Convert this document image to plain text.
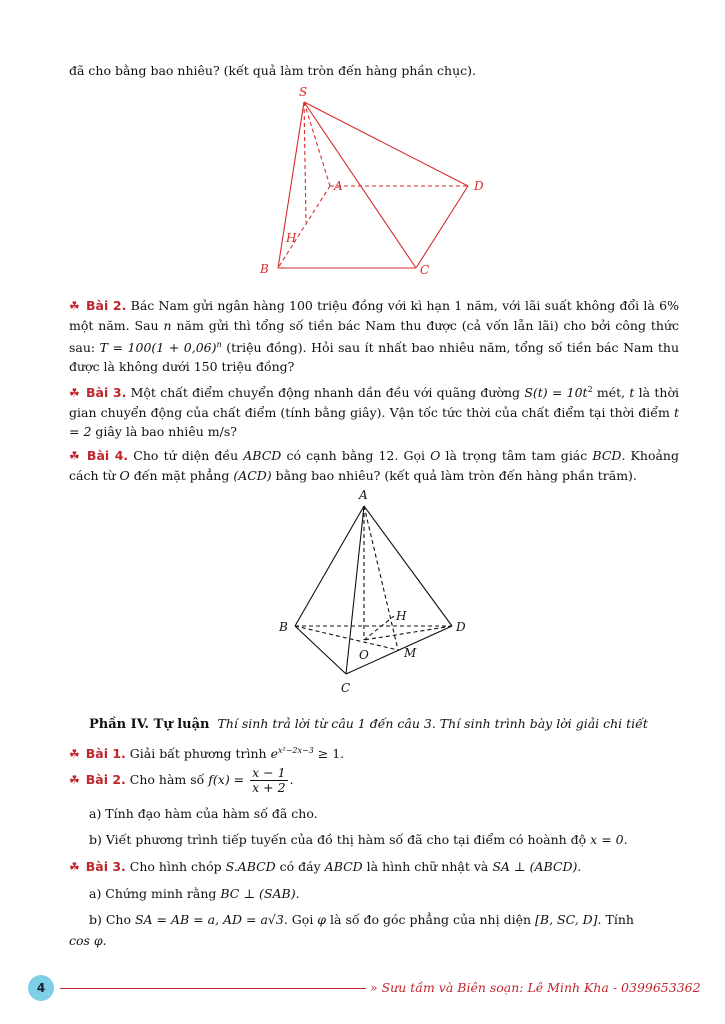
đã cho bằng bao nhiêu? (kết quả làm tròn đến hàng phần chục).

S
A	D
H
B	C

☘ Bài 2. Bác Nam gửi ngân hàng 100 triệu đồng với kì hạn 1 năm, với lãi suất không đổi là 6% một năm. Sau n năm gửi thì tổng số tiền bác Nam thu được (cả vốn lẫn lãi) cho bởi công thức sau: $T = 100(1 + 0,06)^n$ (triệu đồng). Hỏi sau ít nhất bao nhiêu năm, tổng số tiền bác Nam thu được là không dưới 150 triệu đồng?

☘ Bài 3. Một chất điểm chuyển động nhanh dần đều với quãng đường $S(t) = 10t^2$ mét, t là thời gian chuyển động của chất điểm (tính bằng giây). Vận tốc tức thời của chất điểm tại thời điểm t = 2 giây là bao nhiêu m/s?

☘ Bài 4. Cho tứ diện đều ABCD có cạnh bằng 12. Gọi O là trọng tâm tam giác BCD. Khoảng cách từ O đến mặt phẳng (ACD) bằng bao nhiêu? (kết quả làm tròn đến hàng phần trăm).

A
B	D
H
O	M
C

Phần IV. Tự luận Thí sinh trả lời từ câu 1 đến câu 3. Thí sinh trình bày lời giải chi tiết

☘ Bài 1. Giải bất phương trình $e^{x^2-2x-3} \ge 1$.

☘ Bài 2. Cho hàm số $f(x) = \frac{x - 1}{x + 2}$ .

a) Tính đạo hàm của hàm số đã cho.

b) Viết phương trình tiếp tuyến của đồ thị hàm số đã cho tại điểm có hoành độ x = 0.

☘ Bài 3. Cho hình chóp S.ABCD có đáy ABCD là hình chữ nhật và SA ⊥ (ABCD).

a) Chứng minh rằng BC ⊥ (SAB).

b) Cho SA = AB = a, AD = a√3. Gọi φ là số đo góc phẳng của nhị diện [B, SC, D]. Tính

cos φ.

4	» Sưu tầm và Biên soạn: Lê Minh Kha - 0399653362
